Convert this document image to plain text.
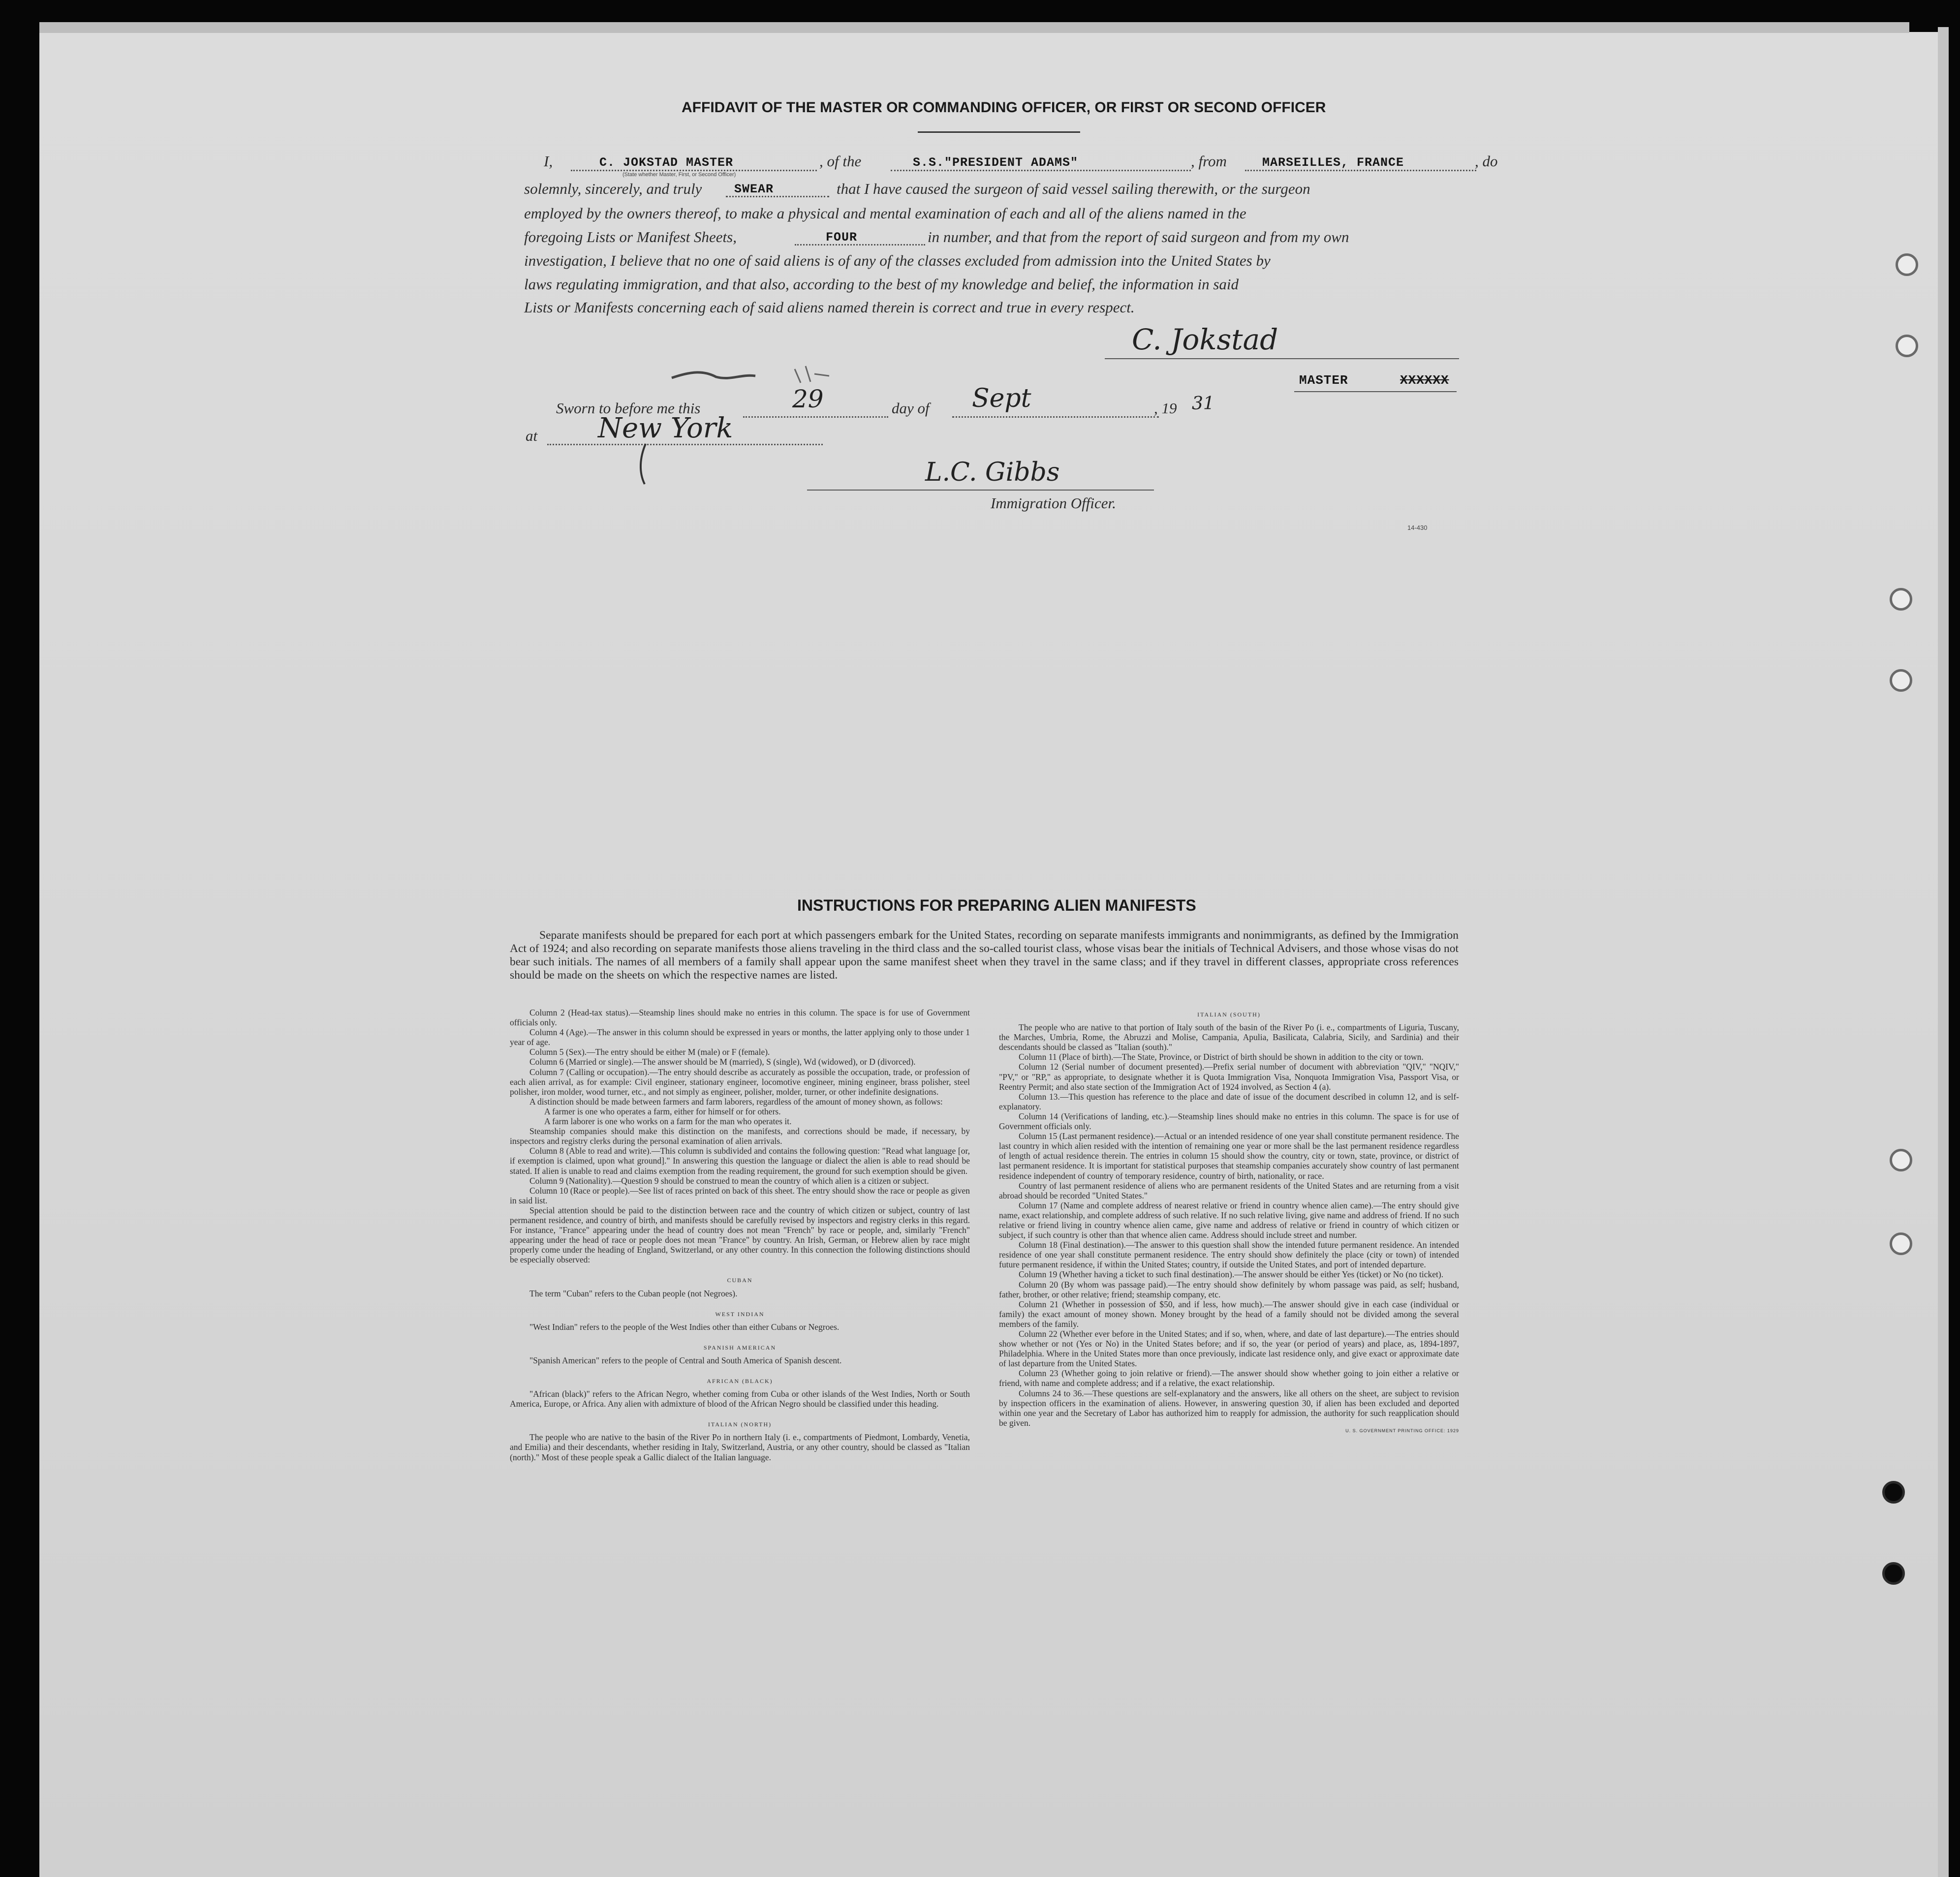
AFFIDAVIT OF THE MASTER OR COMMANDING OFFICER, OR FIRST OR SECOND OFFICER
I,	C. JOKSTAD MASTER
(State whether Master, First, or Second Officer)
, of the	S.S."PRESIDENT ADAMS"	, from	MARSEILLES, FRANCE	, do
solemnly, sincerely, and truly	SWEAR	that I have caused the surgeon of said vessel sailing therewith, or the surgeon
employed by the owners thereof, to make a physical and mental examination of each and all of the aliens named in the
foregoing Lists or Manifest Sheets,	FOUR	in number, and that from the report of said surgeon and from my own
investigation, I believe that no one of said aliens is of any of the classes excluded from admission into the United States by
laws regulating immigration, and that also, according to the best of my knowledge and belief, the information in said
Lists or Manifests concerning each of said aliens named therein is correct and true in every respect.
C. Jokstad
MASTER	XXXXXX
Sworn to before me this	29	day of Sept	, 19 31
at New York
L.C. Gibbs
Immigration Officer.
14-430
INSTRUCTIONS FOR PREPARING ALIEN MANIFESTS
Separate manifests should be prepared for each port at which passengers embark for the United States, recording on separate manifests immigrants and nonimmigrants, as defined by the Immigration Act of 1924; and also recording on separate manifests those aliens traveling in the third class and the so-called tourist class, whose visas bear the initials of Technical Advisers, and those whose visas do not bear such initials. The names of all members of a family shall appear upon the same manifest sheet when they travel in the same class; and if they travel in different classes, appropriate cross references should be made on the sheets on which the respective names are listed.

Column 2 (Head-tax status).—Steamship lines should make no entries in this column. The space is for use of Government officials only.

Column 4 (Age).—The answer in this column should be expressed in years or months, the latter applying only to those under 1 year of age.

Column 5 (Sex).—The entry should be either M (male) or F (female).

Column 6 (Married or single).—The answer should be M (married), S (single), Wd (widowed), or D (divorced).

Column 7 (Calling or occupation).—The entry should describe as accurately as possible the occupation, trade, or profession of each alien arrival, as for example: Civil engineer, stationary engineer, locomotive engineer, mining engineer, brass polisher, steel polisher, iron molder, wood turner, etc., and not simply as engineer, polisher, molder, turner, or other indefinite designations.

A distinction should be made between farmers and farm laborers, regardless of the amount of money shown, as follows:

A farmer is one who operates a farm, either for himself or for others.

A farm laborer is one who works on a farm for the man who operates it.

Steamship companies should make this distinction on the manifests, and corrections should be made, if necessary, by inspectors and registry clerks during the personal examination of alien arrivals.

Column 8 (Able to read and write).—This column is subdivided and contains the following question: "Read what language [or, if exemption is claimed, upon what ground]." In answering this question the language or dialect the alien is able to read should be stated. If alien is unable to read and claims exemption from the reading requirement, the ground for such exemption should be given.

Column 9 (Nationality).—Question 9 should be construed to mean the country of which alien is a citizen or subject.

Column 10 (Race or people).—See list of races printed on back of this sheet. The entry should show the race or people as given in said list.

Special attention should be paid to the distinction between race and the country of which citizen or subject, country of last permanent residence, and country of birth, and manifests should be carefully revised by inspectors and registry clerks in this regard. For instance, "France" appearing under the head of country does not mean "French" by race or people, and, similarly "French" appearing under the head of race or people does not mean "France" by country. An Irish, German, or Hebrew alien by race might properly come under the heading of England, Switzerland, or any other country. In this connection the following distinctions should be especially observed:

CUBAN

The term "Cuban" refers to the Cuban people (not Negroes).

WEST INDIAN

"West Indian" refers to the people of the West Indies other than either Cubans or Negroes.

SPANISH AMERICAN

"Spanish American" refers to the people of Central and South America of Spanish descent.

AFRICAN (BLACK)

"African (black)" refers to the African Negro, whether coming from Cuba or other islands of the West Indies, North or South America, Europe, or Africa. Any alien with admixture of blood of the African Negro should be classified under this heading.

ITALIAN (NORTH)

The people who are native to the basin of the River Po in northern Italy (i. e., compartments of Piedmont, Lombardy, Venetia, and Emilia) and their descendants, whether residing in Italy, Switzerland, Austria, or any other country, should be classed as "Italian (north)." Most of these people speak a Gallic dialect of the Italian language.

ITALIAN (SOUTH)

The people who are native to that portion of Italy south of the basin of the River Po (i. e., compartments of Liguria, Tuscany, the Marches, Umbria, Rome, the Abruzzi and Molise, Campania, Apulia, Basilicata, Calabria, Sicily, and Sardinia) and their descendants should be classed as "Italian (south)."

Column 11 (Place of birth).—The State, Province, or District of birth should be shown in addition to the city or town.

Column 12 (Serial number of document presented).—Prefix serial number of document with abbreviation "QIV," "NQIV," "PV," or "RP," as appropriate, to designate whether it is Quota Immigration Visa, Nonquota Immigration Visa, Passport Visa, or Reentry Permit; and also state section of the Immigration Act of 1924 involved, as Section 4 (a).

Column 13.—This question has reference to the place and date of issue of the document described in column 12, and is self-explanatory.

Column 14 (Verifications of landing, etc.).—Steamship lines should make no entries in this column. The space is for use of Government officials only.

Column 15 (Last permanent residence).—Actual or an intended residence of one year shall constitute permanent residence. The last country in which alien resided with the intention of remaining one year or more shall be the last permanent residence regardless of length of actual residence therein. The entries in column 15 should show the country, city or town, state, province, or district of last permanent residence. It is important for statistical purposes that steamship companies accurately show country of last permanent residence independent of country of temporary residence, country of birth, nationality, or race.

Country of last permanent residence of aliens who are permanent residents of the United States and are returning from a visit abroad should be recorded "United States."

Column 17 (Name and complete address of nearest relative or friend in country whence alien came).—The entry should give name, exact relationship, and complete address of such relative. If no such relative living, give name and address of friend. If no such relative or friend living in country whence alien came, give name and address of relative or friend in country of which citizen or subject, if such country is other than that whence alien came. Address should include street and number.

Column 18 (Final destination).—The answer to this question shall show the intended future permanent residence. An intended residence of one year shall constitute permanent residence. The entry should show definitely the place (city or town) of intended future permanent residence, if within the United States; country, if outside the United States, and port of intended departure.

Column 19 (Whether having a ticket to such final destination).—The answer should be either Yes (ticket) or No (no ticket).

Column 20 (By whom was passage paid).—The entry should show definitely by whom passage was paid, as self; husband, father, brother, or other relative; friend; steamship company, etc.

Column 21 (Whether in possession of $50, and if less, how much).—The answer should give in each case (individual or family) the exact amount of money shown. Money brought by the head of a family should not be divided among the several members of the family.

Column 22 (Whether ever before in the United States; and if so, when, where, and date of last departure).—The entries should show whether or not (Yes or No) in the United States before; and if so, the year (or period of years) and place, as, 1894-1897, Philadelphia. Where in the United States more than once previously, indicate last residence only, and give exact or approximate date of last departure from the United States.

Column 23 (Whether going to join relative or friend).—The answer should show whether going to join either a relative or friend, with name and complete address; and if a relative, the exact relationship.

Columns 24 to 36.—These questions are self-explanatory and the answers, like all others on the sheet, are subject to revision by inspection officers in the examination of aliens. However, in answering question 30, if alien has been excluded and deported within one year and the Secretary of Labor has authorized him to reapply for admission, the authority for such reapplication should be given.

U. S. GOVERNMENT PRINTING OFFICE: 1929
